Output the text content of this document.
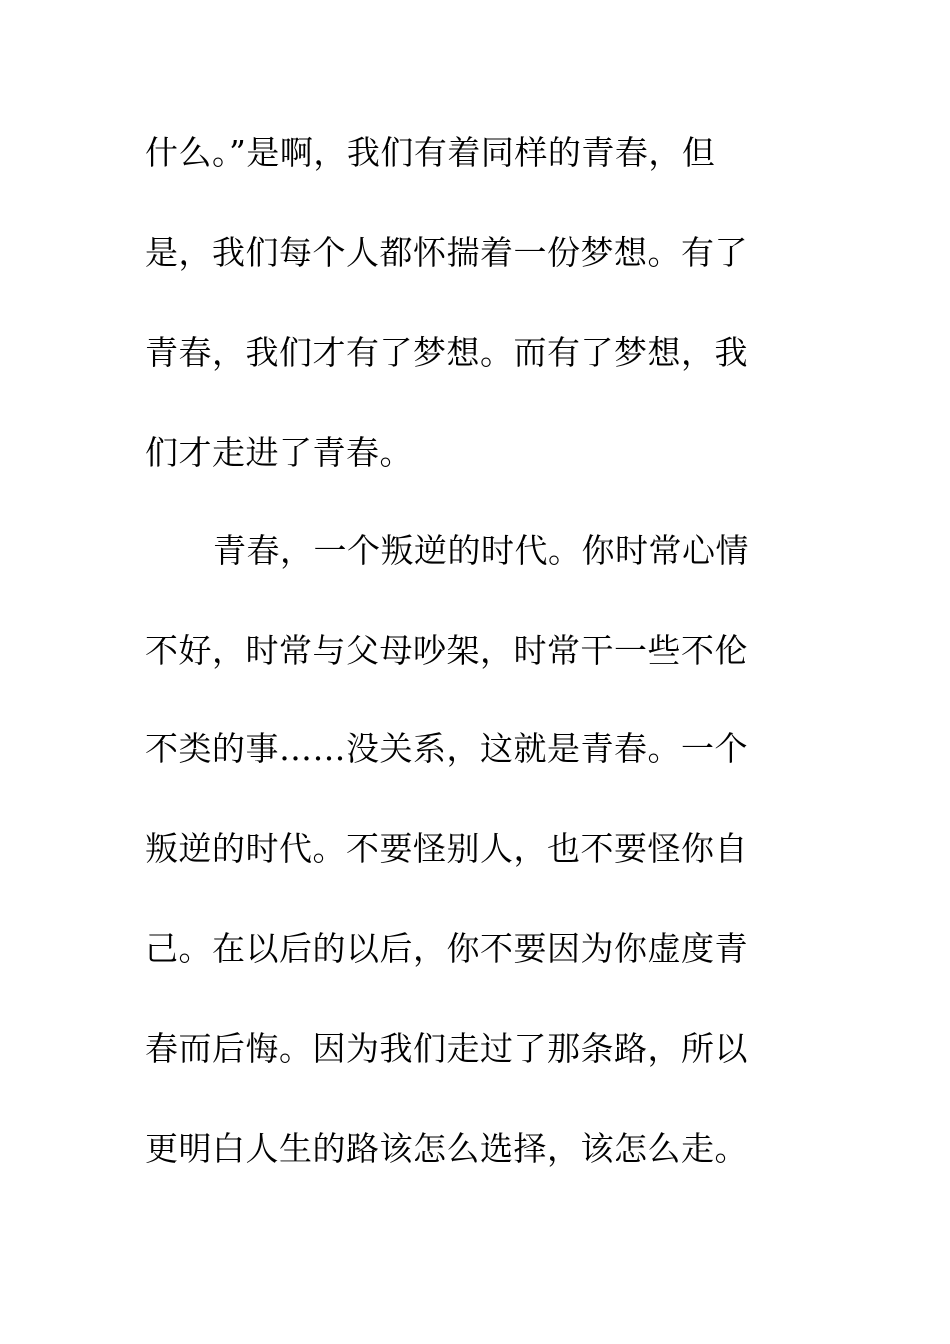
什么。”是啊，我们有着同样的青春，但
是，我们每个人都怀揣着一份梦想。有了
青春，我们才有了梦想。而有了梦想，我
们才走进了青春。
青春，一个叛逆的时代。你时常心情
不好，时常与父母吵架，时常干一些不伦
不类的事……没关系，这就是青春。一个
叛逆的时代。不要怪别人，也不要怪你自
己。在以后的以后，你不要因为你虚度青
春而后悔。因为我们走过了那条路，所以
更明白人生的路该怎么选择，该怎么走。
